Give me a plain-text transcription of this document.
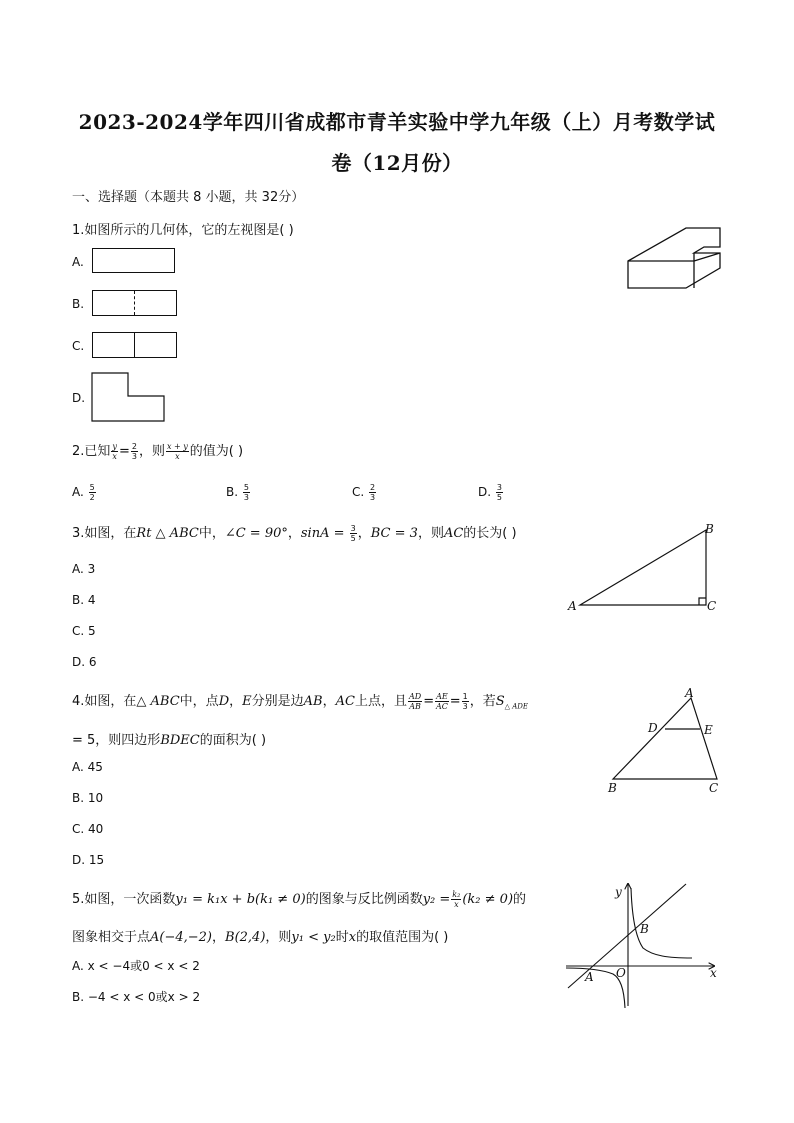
2023-2024学年四川省成都市青羊实验中学九年级（上）月考数学试
卷（12月份）
一、选择题（本题共 8 小题，共 32分）
1.如图所示的几何体，它的左视图是( )
A.
B.
C.
D.
2.已知 $\frac{y}{x} = \frac{2}{3}$ ，则 $\frac{x + y}{x}$ 的值为( )
A. $\frac{5}{2}$	B. $\frac{5}{3}$	C. $\frac{2}{3}$	D. $\frac{3}{5}$
3.如图，在Rt △ ABC中，∠C = 90°，$\sin A = \frac{3}{5}$ ，BC = 3，则AC的长为( )
A. 3
B. 4
C. 5
D. 6
A
B
C
4.如图，在△ ABC中，点D，E分别是边AB，AC上点，且 $\frac{AD}{AB} = \frac{AE}{AC} = \frac{1}{3}$ ，若$S_{\triangle ADE}$
= 5，则四边形BDEC的面积为( )
A. 45
B. 10
C. 40
D. 15
A
B	C
D	E
5.如图，一次函数y₁ = k₁x + b(k₁ ≠ 0)的图象与反比例函数$y_2 = \frac{\text{k₂}}{x} (k_2 \ne 0)$的
图象相交于点A(−4,−2)，B(2,4)，则y₁ < y₂时x的取值范围为( )
A. x < −4或0 < x < 2
B. −4 < x < 0或x > 2
y
x
O
A
B
